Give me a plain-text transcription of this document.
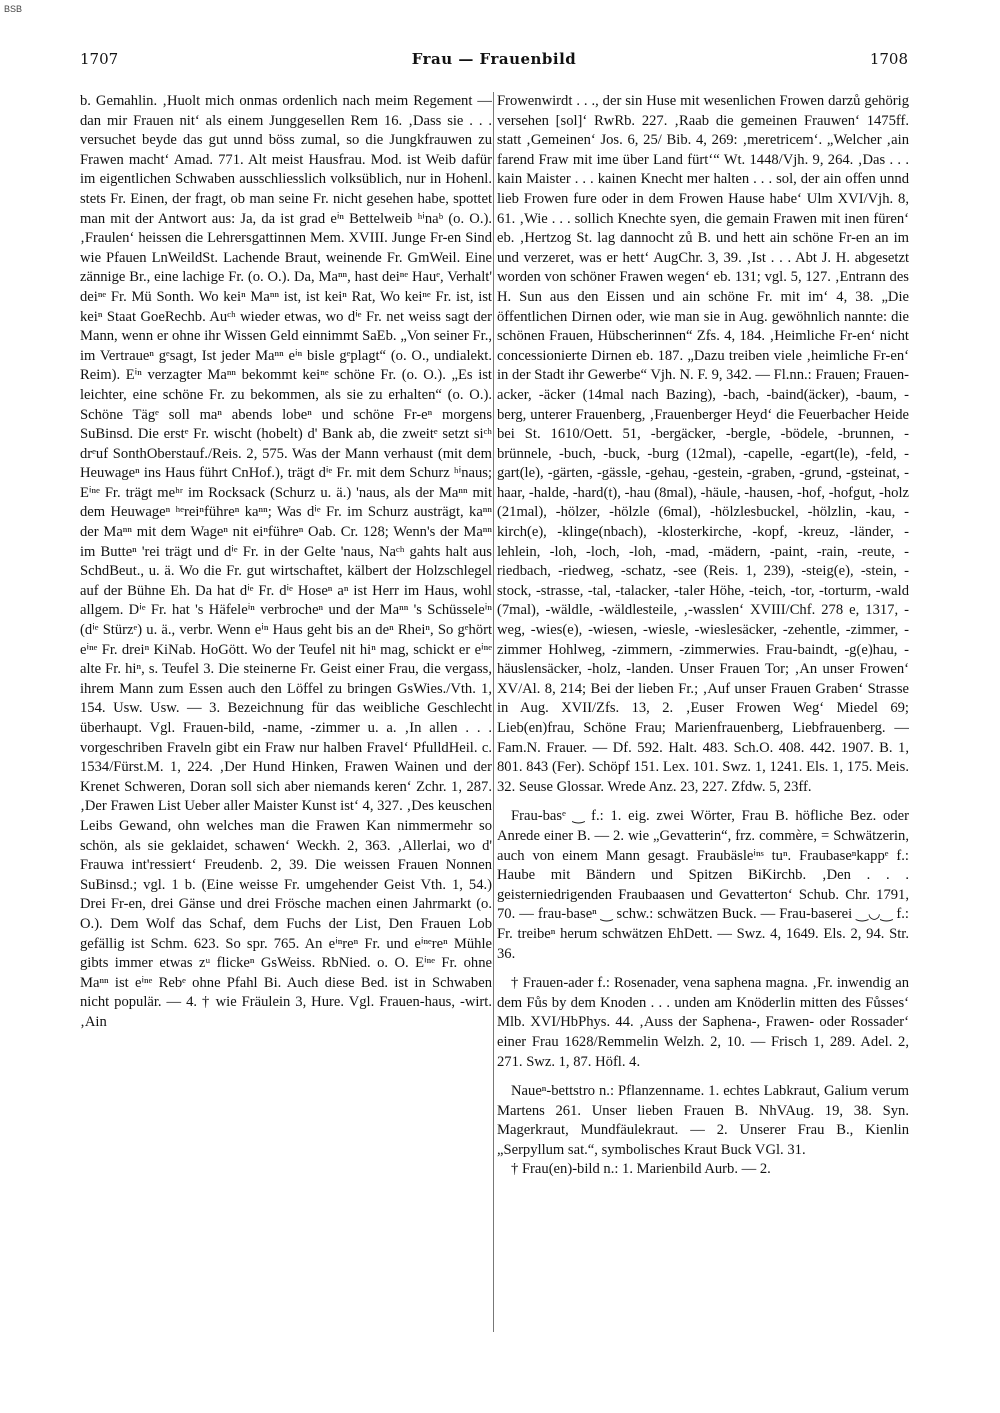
BSB
1707	Frau — Frauenbild	1708

b. Gemahlin. ‚Huolt mich onmas ordenlich nach meim Regement — dan mir Frauen nit‘ als einem Junggesellen Rem 16. ‚Dass sie . . . versuchet beyde das gut unnd böss zumal, so die Jungkfrauwen zu Frawen macht‘ Amad. 771. Alt meist Hausfrau. Mod. ist Weib dafür im eigentlichen Schwaben ausschliesslich volksüblich, nur in Hohenl. stets Fr. Einen, der fragt, ob man seine Fr. nicht gesehen habe, spottet man mit der Antwort aus: Ja, da ist grad eⁱⁿ Bettelweib ʰⁱnaᵇ (o. O.). ‚Fraulen‘ heissen die Lehrersgattinnen Mem. XVIII. Junge Fr-en Sind wie Pfauen LnWeildSt. Lachende Braut, weinende Fr. GmWeil. Eine zännige Br., eine lachige Fr. (o. O.). Da, Maⁿⁿ, hast deiⁿᵉ Hauᵉ, Verhalt' deiⁿᵉ Fr. Mü Sonth. Wo keiⁿ Maⁿⁿ ist, ist keiⁿ Rat, Wo keiⁿᵉ Fr. ist, ist keiⁿ Staat GoeRechb. Auᶜʰ wieder etwas, wo dⁱᵉ Fr. net weiss sagt der Mann, wenn er ohne ihr Wissen Geld einnimmt SaEb. „Von seiner Fr., im Vertraueⁿ gᵉsagt, Ist jeder Maⁿⁿ eⁱⁿ bisle gᵉplagt“ (o. O., undialekt. Reim). Eⁱⁿ verzagter Maⁿⁿ bekommt keiⁿᵉ schöne Fr. (o. O.). „Es ist leichter, eine schöne Fr. zu bekommen, als sie zu erhalten“ (o. O.). Schöne Tägᵉ soll maⁿ abends lobeⁿ und schöne Fr-eⁿ morgens SuBinsd. Die erstᵉ Fr. wischt (hobelt) d' Bank ab, die zweitᵉ setzt siᶜʰ drᵉuf SonthOberstauf./Reis. 2, 575. Was der Mann verhaust (mit dem Heuwageⁿ ins Haus führt CnHof.), trägt dⁱᵉ Fr. mit dem Schurz ʰⁱnaus; Eⁱⁿᵉ Fr. trägt meʰʳ im Rocksack (Schurz u. ä.) 'naus, als der Maⁿⁿ mit dem Heuwageⁿ ʰᵉreiⁿführeⁿ kaⁿⁿ; Was dⁱᵉ Fr. im Schurz austrägt, kaⁿⁿ der Maⁿⁿ mit dem Wageⁿ nit eiⁿführeⁿ Oab. Cr. 128; Wenn's der Maⁿⁿ im Butteⁿ 'rei trägt und dⁱᵉ Fr. in der Gelte 'naus, Naᶜʰ gahts halt aus SchdBeut., u. ä. Wo die Fr. gut wirtschaftet, kälbert der Holzschlegel auf der Bühne Eh. Da hat dⁱᵉ Fr. dⁱᵉ Hoseⁿ aⁿ ist Herr im Haus, wohl allgem. Dⁱᵉ Fr. hat 's Häfeleⁱⁿ verbrocheⁿ und der Maⁿⁿ 's Schüsseleⁱⁿ (dⁱᵉ Stürzᵉ) u. ä., verbr. Wenn eⁱⁿ Haus geht bis an deⁿ Rheiⁿ, So gᵉhört eⁱⁿᵉ Fr. dreiⁿ KiNab. HoGött. Wo der Teufel nit hiⁿ mag, schickt er eⁱⁿᵉ alte Fr. hiⁿ, s. Teufel 3. Die steinerne Fr. Geist einer Frau, die vergass, ihrem Mann zum Essen auch den Löffel zu bringen GsWies./Vth. 1, 154. Usw. Usw. — 3. Bezeichnung für das weibliche Geschlecht überhaupt. Vgl. Frauen-bild, -name, -zimmer u. a. ‚In allen . . . vorgeschriben Fraveln gibt ein Fraw nur halben Fravel‘ PfulldHeil. c. 1534/Fürst.M. 1, 224. ‚Der Hund Hinken, Frawen Wainen und der Krenet Schweren, Doran soll sich aber niemands keren‘ Zchr. 1, 287. ‚Der Frawen List Ueber aller Maister Kunst ist‘ 4, 327. ‚Des keuschen Leibs Gewand, ohn welches man die Frawen Kan nimmermehr so schön, als sie geklaidet, schawen‘ Weckh. 2, 363. ‚Allerlai, wo d' Frauwa int'ressiert‘ Freudenb. 2, 39. Die weissen Frauen Nonnen SuBinsd.; vgl. 1 b. (Eine weisse Fr. umgehender Geist Vth. 1, 54.) Drei Fr-en, drei Gänse und drei Frösche machen einen Jahrmarkt (o. O.). Dem Wolf das Schaf, dem Fuchs der List, Den Frauen Lob gefällig ist Schm. 623. So spr. 765. An eⁱⁿreⁿ Fr. und eⁱⁿᵉreⁿ Mühle gibts immer etwas zᵘ flickeⁿ GsWeiss. RbNied. o. O. Eⁱⁿᵉ Fr. ohne Maⁿⁿ ist eⁱⁿᵉ Rebᵉ ohne Pfahl Bi. Auch diese Bed. ist in Schwaben nicht populär. — 4. † wie Fräulein 3, Hure. Vgl. Frauen-haus, -wirt. ‚Ain

Frowenwirdt . . ., der sin Huse mit wesenlichen Frowen darzů gehörig versehen [sol]‘ RwRb. 227. ‚Raab die gemeinen Frauwen‘ 1475ff. statt ‚Gemeinen‘ Jos. 6, 25/ Bib. 4, 269: ‚meretricem‘. „Welcher ‚ain farend Fraw mit ime über Land fürt‘“ Wt. 1448/Vjh. 9, 264. ‚Das . . . kain Maister . . . kainen Knecht mer halten . . . sol, der ain offen unnd lieb Frowen fure oder in dem Frowen Hause habe‘ Ulm XVI/Vjh. 8, 61. ‚Wie . . . sollich Knechte syen, die gemain Frawen mit inen füren‘ eb. ‚Hertzog St. lag dannocht zů B. und hett ain schöne Fr-en an im und verzeret, was er hett‘ AugChr. 3, 39. ‚Ist . . . Abt J. H. abgesetzt worden von schöner Frawen wegen‘ eb. 131; vgl. 5, 127. ‚Entrann des H. Sun aus den Eissen und ain schöne Fr. mit im‘ 4, 38. „Die öffentlichen Dirnen oder, wie man sie in Aug. gewöhnlich nannte: die schönen Frauen, Hübscherinnen“ Zfs. 4, 184. ‚Heimliche Fr-en‘ nicht concessionierte Dirnen eb. 187. „Dazu treiben viele ‚heimliche Fr-en‘ in der Stadt ihr Gewerbe“ Vjh. N. F. 9, 342. — Fl.nn.: Frauen; Frauen-acker, -äcker (14mal nach Bazing), -bach, -baind(äcker), -baum, -berg, unterer Frauenberg, ‚Frauenberger Heyd‘ die Feuerbacher Heide bei St. 1610/Oett. 51, -bergäcker, -bergle, -bödele, -brunnen, -brünnele, -buch, -buck, -burg (12mal), -capelle, -egart(le), -feld, -gart(le), -gärten, -gässle, -gehau, -gestein, -graben, -grund, -gsteinat, -haar, -halde, -hard(t), -hau (8mal), -häule, -hausen, -hof, -hofgut, -holz (21mal), -hölzer, -hölzle (6mal), -hölzlesbuckel, -hölzlin, -kau, -kirch(e), -klinge(nbach), -klosterkirche, -kopf, -kreuz, -länder, -lehlein, -loh, -loch, -loh, -mad, -mädern, -paint, -rain, -reute, -riedbach, -riedweg, -schatz, -see (Reis. 1, 239), -steig(e), -stein, -stock, -strasse, -tal, -talacker, -taler Höhe, -teich, -tor, -torturm, -wald (7mal), -wäldle, -wäldlesteile, ‚-wasslen‘ XVIII/Chf. 278 e, 1317, -weg, -wies(e), -wiesen, -wiesle, -wieslesäcker, -zehentle, -zimmer, -zimmer Hohlweg, -zimmern, -zimmerwies. Frau-baindt, -g(e)hau, -häuslensäcker, -holz, -landen. Unser Frauen Tor; ‚An unser Frowen‘ XV/Al. 8, 214; Bei der lieben Fr.; ‚Auf unser Frauen Graben‘ Strasse in Aug. XVII/Zfs. 13, 2. ‚Euser Frowen Weg‘ Miedel 69; Lieb(en)frau, Schöne Frau; Marienfrauenberg, Liebfrauenberg. — Fam.N. Frauer. — Df. 592. Halt. 483. Sch.O. 408. 442. 1907. B. 1, 801. 843 (Fer). Schöpf 151. Lex. 101. Swz. 1, 1241. Els. 1, 175. Meis. 32. Seuse Glossar. Wrede Anz. 23, 227. Zfdw. 5, 23ff.

Frau-basᵉ ‿ f.: 1. eig. zwei Wörter, Frau B. höfliche Bez. oder Anrede einer B. — 2. wie „Gevatterin“, frz. commère, = Schwätzerin, auch von einem Mann gesagt. Fraubäsleⁱⁿˢ tuⁿ. Fraubaseⁿkappᵉ f.: Haube mit Bändern und Spitzen BiKirchb. ‚Den . . . geisterniedrigenden Fraubaasen und Gevatterton‘ Schub. Chr. 1791, 70. — frau-baseⁿ ‿ schw.: schwätzen Buck. — Frau-baserei ‿◡‿ f.: Fr. treibeⁿ herum schwätzen EhDett. — Swz. 4, 1649. Els. 2, 94. Str. 36.

† Frauen-ader f.: Rosenader, vena saphena magna. ‚Fr. inwendig an dem Fůs by dem Knoden . . . unden am Knöderlin mitten des Fůsses‘ Mlb. XVI/HbPhys. 44. ‚Auss der Saphena-, Frawen- oder Rossader‘ einer Frau 1628/Remmelin Welzh. 2, 10. — Frisch 1, 289. Adel. 2, 271. Swz. 1, 87. Höfl. 4.

Naueⁿ-bettstro n.: Pflanzenname. 1. echtes Labkraut, Galium verum Martens 261. Unser lieben Frauen B. NhVAug. 19, 38. Syn. Magerkraut, Mundfäulekraut. — 2. Unserer Frau B., Kienlin „Serpyllum sat.“, symbolisches Kraut Buck VGl. 31.

† Frau(en)-bild n.: 1. Marienbild Aurb. — 2.
